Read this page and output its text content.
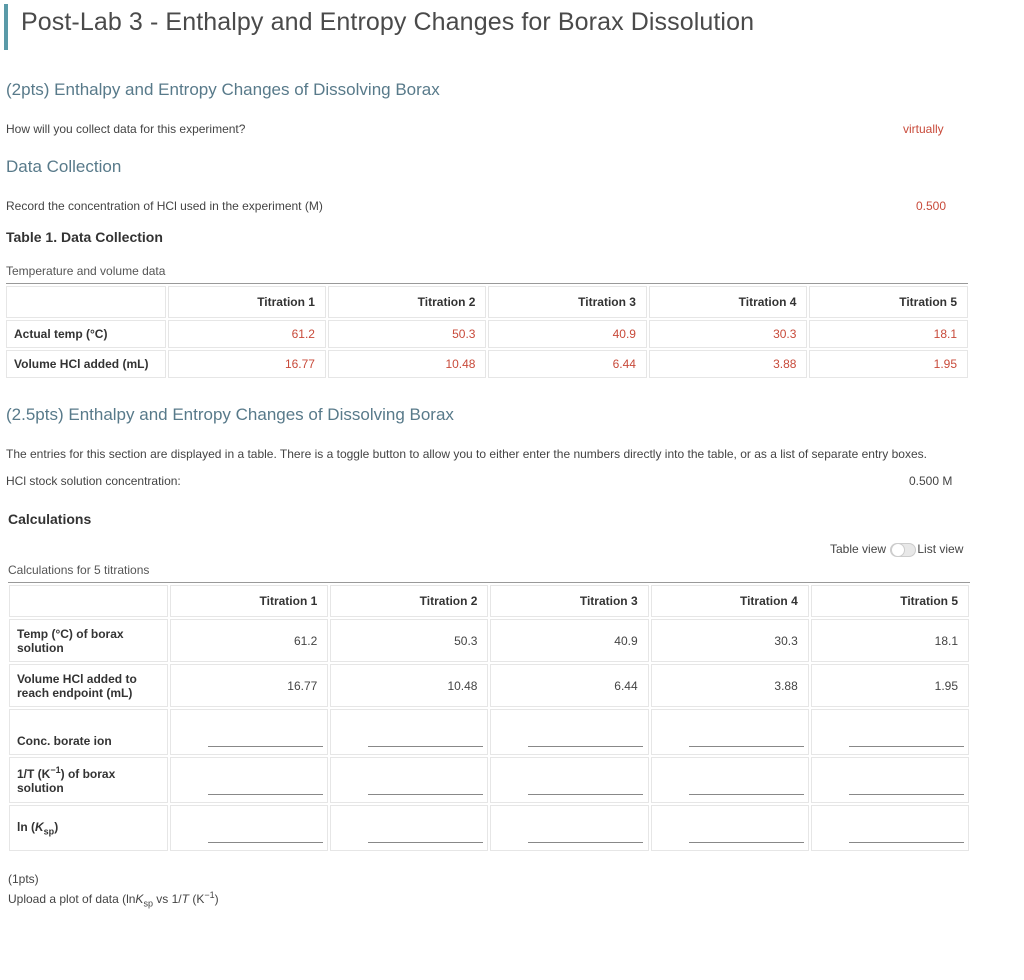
Post-Lab 3 - Enthalpy and Entropy Changes for Borax Dissolution
(2pts) Enthalpy and Entropy Changes of Dissolving Borax
How will you collect data for this experiment?	virtually
Data Collection
Record the concentration of HCl used in the experiment (M)	0.500
Table 1. Data Collection
Temperature and volume data
	Titration 1	Titration 2	Titration 3	Titration 4	Titration 5
Actual temp (°C)	61.2	50.3	40.9	30.3	18.1
Volume HCl added (mL)	16.77	10.48	6.44	3.88	1.95
(2.5pts) Enthalpy and Entropy Changes of Dissolving Borax
The entries for this section are displayed in a table. There is a toggle button to allow you to either enter the numbers directly into the table, or as a list of separate entry boxes.
HCl stock solution concentration:	0.500 M
Calculations
Table view	List view
Calculations for 5 titrations
	Titration 1	Titration 2	Titration 3	Titration 4	Titration 5
Temp (°C) of borax
solution	61.2	50.3	40.9	30.3	18.1
Volume HCl added to
reach endpoint (mL)	16.77	10.48	6.44	3.88	1.95
Conc. borate ion	

1/T $(K^{-1})$ of borax
solution	

$\ln (K_{sp})$	

(1pts)
Upload a plot of data (lnK$_{sp}$ vs 1/T $(K^{-1})$
